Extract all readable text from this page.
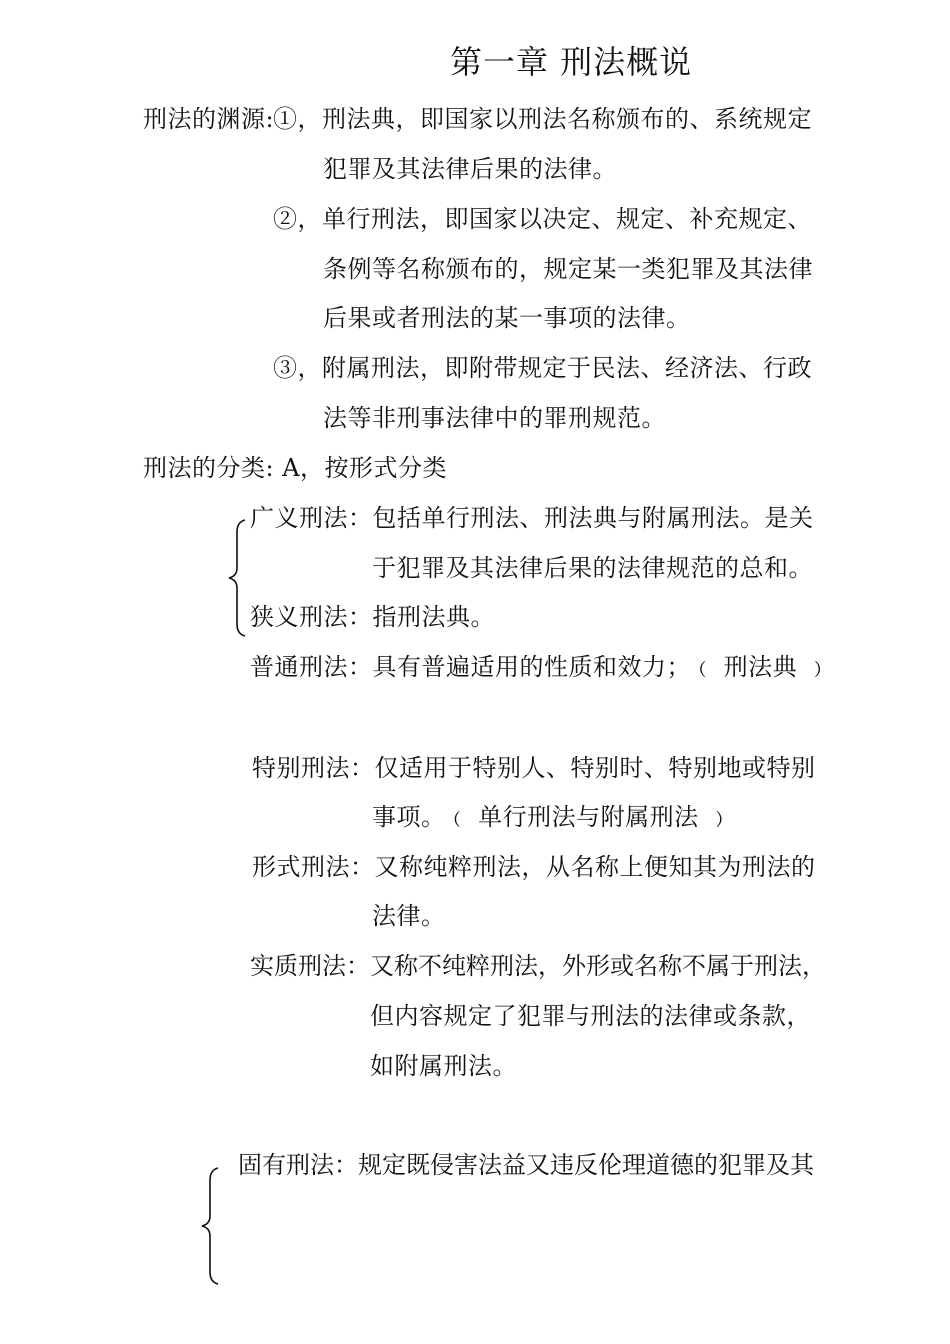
第一章 刑法概说
刑法的渊源:
①，刑法典，即国家以刑法名称颁布的、系统规定
犯罪及其法律后果的法律。
②，单行刑法，即国家以决定、规定、补充规定、
条例等名称颁布的，规定某一类犯罪及其法律
后果或者刑法的某一事项的法律。
③，附属刑法，即附带规定于民法、经济法、行政
法等非刑事法律中的罪刑规范。
刑法的分类: A，按形式分类
广义刑法：包括单行刑法、刑法典与附属刑法。是关
于犯罪及其法律后果的法律规范的总和。
狭义刑法：指刑法典。
普通刑法：具有普遍适用的性质和效力；﹙ 刑法典 ﹚
特别刑法：仅适用于特别人、特别时、特别地或特别
事项。﹙ 单行刑法与附属刑法 ﹚
形式刑法：又称纯粹刑法，从名称上便知其为刑法的
法律。
实质刑法：又称不纯粹刑法，外形或名称不属于刑法，
但内容规定了犯罪与刑法的法律或条款，
如附属刑法。
固有刑法：规定既侵害法益又违反伦理道德的犯罪及其
